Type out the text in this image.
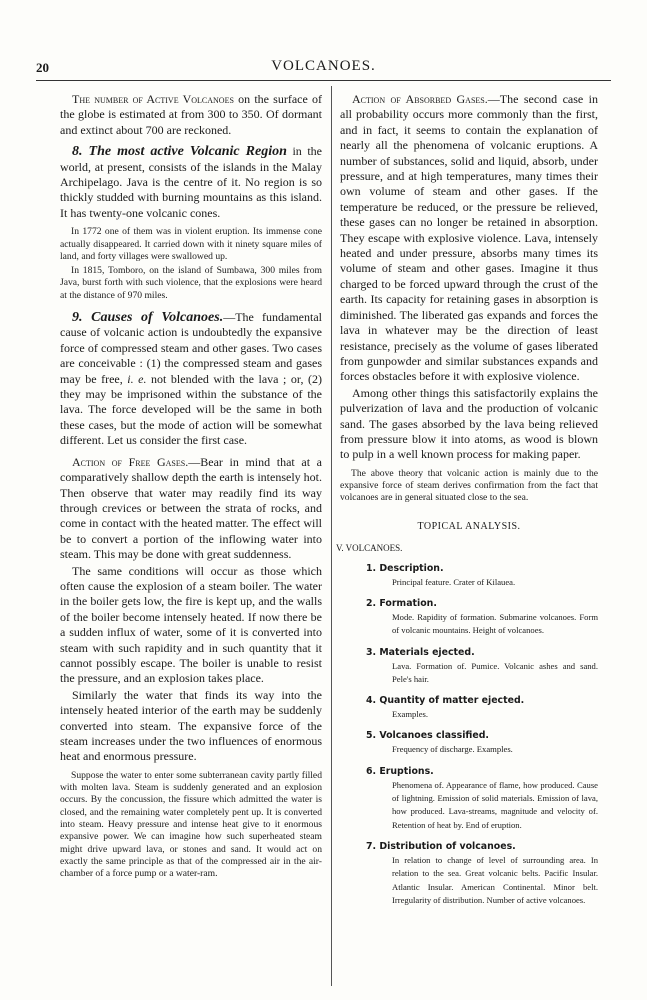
20	VOLCANOES.

The number of Active Volcanoes on the surface of the globe is estimated at from 300 to 350. Of dormant and extinct about 700 are reckoned.

8. The most active Volcanic Region in the world, at present, consists of the islands in the Malay Archipelago. Java is the centre of it. No region is so thickly studded with burning mountains as this island. It has twenty-one volcanic cones.

In 1772 one of them was in violent eruption. Its immense cone actually disappeared. It carried down with it ninety square miles of land, and forty villages were swallowed up.

In 1815, Tomboro, on the island of Sumbawa, 300 miles from Java, burst forth with such violence, that the explosions were heard at the distance of 970 miles.

9. Causes of Volcanoes.—The fundamental cause of volcanic action is undoubtedly the expansive force of compressed steam and other gases. Two cases are conceivable : (1) the compressed steam and gases may be free, i. e. not blended with the lava ; or, (2) they may be imprisoned within the substance of the lava. The force developed will be the same in both these cases, but the mode of action will be somewhat different. Let us consider the first case.

Action of Free Gases.—Bear in mind that at a comparatively shallow depth the earth is intensely hot. Then observe that water may readily find its way through crevices or between the strata of rocks, and come in contact with the heated matter. The effect will be to convert a portion of the inflowing water into steam. This may be done with great suddenness.

The same conditions will occur as those which often cause the explosion of a steam boiler. The water in the boiler gets low, the fire is kept up, and the walls of the boiler become intensely heated. If now there be a sudden influx of water, some of it is converted into steam with such rapidity and in such quantity that it cannot possibly escape. The boiler is unable to resist the pressure, and an explosion takes place.

Similarly the water that finds its way into the intensely heated interior of the earth may be suddenly converted into steam. The expansive force of the steam increases under the two influences of enormous heat and enormous pressure.

Suppose the water to enter some subterranean cavity partly filled with molten lava. Steam is suddenly generated and an explosion occurs. By the concussion, the fissure which admitted the water is closed, and the remaining water completely pent up. It is converted into steam. Heavy pressure and intense heat give to it enormous expansive power. We can imagine how such superheated steam might drive upward lava, or stones and sand. It would act on exactly the same principle as that of the compressed air in the air-chamber of a force pump or a water-ram.

Action of Absorbed Gases.—The second case in all probability occurs more commonly than the first, and in fact, it seems to contain the explanation of nearly all the phenomena of volcanic eruptions. A number of substances, solid and liquid, absorb, under pressure, and at high temperatures, many times their own volume of steam and other gases. If the temperature be reduced, or the pressure be relieved, these gases can no longer be retained in absorption. They escape with explosive violence. Lava, intensely heated and under pressure, absorbs many times its volume of steam and other gases. Imagine it thus charged to be forced upward through the crust of the earth. Its capacity for retaining gases in absorption is diminished. The liberated gas expands and forces the lava in whatever may be the direction of least resistance, precisely as the volume of gases liberated from gunpowder and similar substances expands and forces obstacles before it with explosive violence.

Among other things this satisfactorily explains the pulverization of lava and the production of volcanic sand. The gases absorbed by the lava being relieved from pressure blow it into atoms, as wood is blown to pulp in a well known process for making paper.

The above theory that volcanic action is mainly due to the expansive force of steam derives confirmation from the fact that volcanoes are in general situated close to the sea.

TOPICAL ANALYSIS.
V. VOLCANOES.
1. Description.
Principal feature. Crater of Kilauea.
2. Formation.
Mode. Rapidity of formation. Submarine volcanoes. Form of volcanic mountains. Height of volcanoes.
3. Materials ejected.
Lava. Formation of. Pumice. Volcanic ashes and sand. Pele's hair.
4. Quantity of matter ejected.
Examples.
5. Volcanoes classified.
Frequency of discharge. Examples.
6. Eruptions.
Phenomena of. Appearance of flame, how produced. Cause of lightning. Emission of solid materials. Emission of lava, how produced. Lava-streams, magnitude and velocity of. Retention of heat by. End of eruption.
7. Distribution of volcanoes.
In relation to change of level of surrounding area. In relation to the sea. Great volcanic belts. Pacific Insular. Atlantic Insular. American Continental. Minor belt. Irregularity of distribution. Number of active volcanoes.
